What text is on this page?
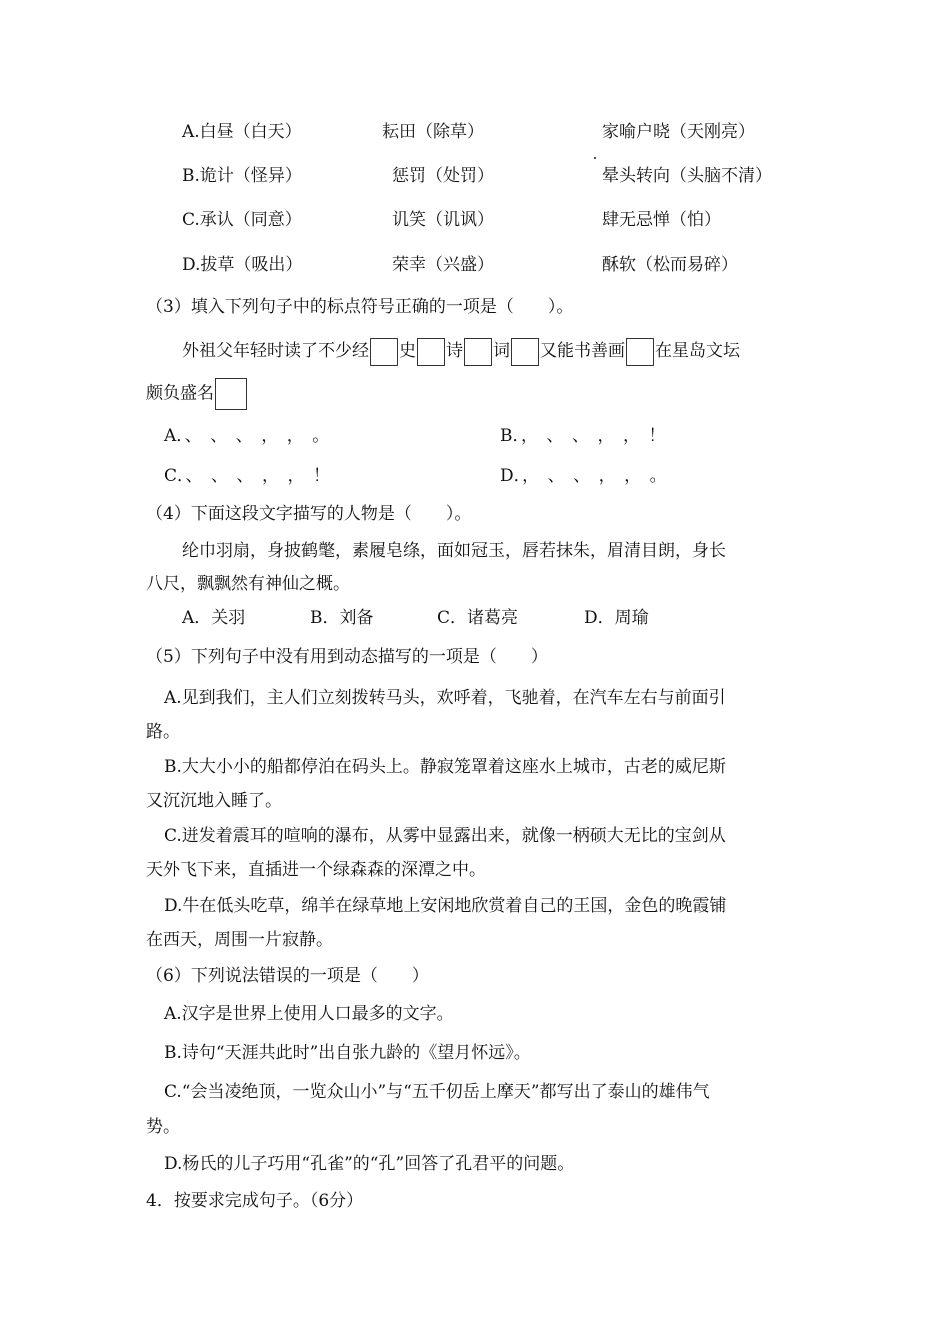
A.白昼（白天）	耘田（除草）	家喻户晓（天刚亮）
B.诡计（怪异）	惩罚（处罚）	晕头转向（头脑不清）
C.承认（同意）	讥笑（讥讽）	肆无忌惮（怕）
D.拔草（吸出）	荣幸（兴盛）	酥软（松而易碎）
（3）填入下列句子中的标点符号正确的一项是（　　）。
外祖父年轻时读了不少经 史 诗 词 又能书善画 在星岛文坛
颇负盛名
A．、　、　、　，　，　。	B．，　、　、　，　，　！
C．、　、　、　，　，　！	D．，　、　、　，　，　。
（4）下面这段文字描写的人物是（　　）。
纶巾羽扇，身披鹤氅，素履皂绦，面如冠玉，唇若抹朱，眉清目朗，身长
八尺，飘飘然有神仙之概。
A．关羽	B．刘备	C．诸葛亮	D．周瑜
（5）下列句子中没有用到动态描写的一项是（　　）
A.见到我们，主人们立刻拨转马头，欢呼着，飞驰着，在汽车左右与前面引
路。
B.大大小小的船都停泊在码头上。静寂笼罩着这座水上城市，古老的威尼斯
又沉沉地入睡了。
C.迸发着震耳的喧响的瀑布，从雾中显露出来，就像一柄硕大无比的宝剑从
天外飞下来，直插进一个绿森森的深潭之中。
D.牛在低头吃草，绵羊在绿草地上安闲地欣赏着自己的王国，金色的晚霞铺
在西天，周围一片寂静。
（6）下列说法错误的一项是（　　）
A.汉字是世界上使用人口最多的文字。
B.诗句“天涯共此时”出自张九龄的《望月怀远》。
C.“会当凌绝顶，一览众山小”与“五千仞岳上摩天”都写出了泰山的雄伟气
势。
D.杨氏的儿子巧用“孔雀”的“孔”回答了孔君平的问题。
4．按要求完成句子。（6分）
